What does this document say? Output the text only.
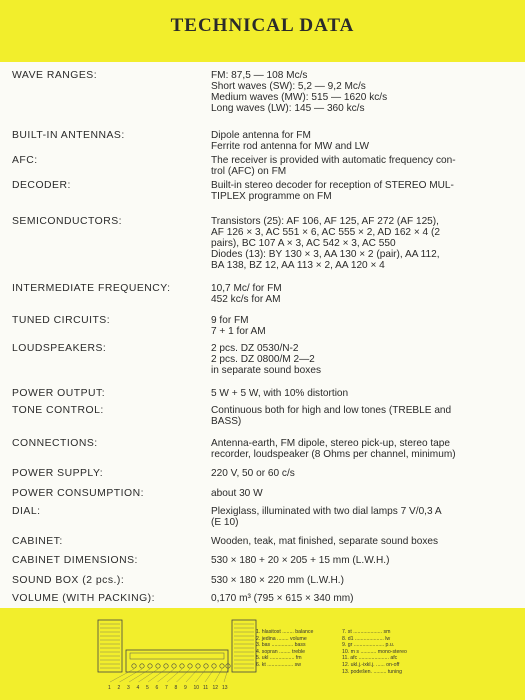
TECHNICAL DATA
WAVE RANGES:	FM: 87,5 — 108 Mc/s
Short waves (SW): 5,2 — 9,2 Mc/s
Medium waves (MW): 515 — 1620 kc/s
Long waves (LW): 145 — 360 kc/s
BUILT-IN ANTENNAS:	Dipole antenna for FM
Ferrite rod antenna for MW and LW
AFC:	The receiver is provided with automatic frequency con-
trol (AFC) on FM
DECODER:	Built-in stereo decoder for reception of STEREO MUL-
TIPLEX programme on FM
SEMICONDUCTORS:	Transistors (25): AF 106, AF 125, AF 272 (AF 125),
AF 126 × 3, AC 551 × 6, AC 555 × 2, AD 162 × 4 (2
pairs), BC 107 A × 3, AC 542 × 3, AC 550
Diodes (13): BY 130 × 3, AA 130 × 2 (pair), AA 112,
BA 138, BZ 12, AA 113 × 2, AA 120 × 4
INTERMEDIATE FREQUENCY:	10,7 Mc/ for FM
452 kc/s for AM
TUNED CIRCUITS:	9 for FM
7 + 1 for AM
LOUDSPEAKERS:	2 pcs. DZ 0530/N-2
2 pcs. DZ 0800/M 2—2
in separate sound boxes
POWER OUTPUT:	5 W + 5 W, with 10% distortion
TONE CONTROL:	Continuous both for high and low tones (TREBLE and
BASS)
CONNECTIONS:	Antenna-earth, FM dipole, stereo pick-up, stereo tape
recorder, loudspeaker (8 Ohms per channel, minimum)
POWER SUPPLY:	220 V, 50 or 60 c/s
POWER CONSUMPTION:	about 30 W
DIAL:	Plexiglass, illuminated with two dial lamps 7 V/0,3 A
(E 10)
CABINET:	Wooden, teak, mat finished, separate sound boxes
CABINET DIMENSIONS:	530 × 180 + 20 × 205 + 15 mm (L.W.H.)
SOUND BOX (2 pcs.):	530 × 180 × 220 mm (L.W.H.)
VOLUME (WITH PACKING):	0,170 m³ (795 × 615 × 340 mm)
1 2 3 4 5 6 7 8 9 10 11 12 13
1. hlasitost ........ balance	7. st .................... sm
2. jedina ........ volume	8. d1 .................... lw
3. bas ............... bass	9. gr ..................... p.u.
4. sopran ........ treble	10. m s ........... mono-stereo
5. ukl ................. fm	11. afc ..................... afc
6. kt .................. sw	12. ukl.j.-ixkl.j. ...... on-off
13. podešen. ......... tuning
